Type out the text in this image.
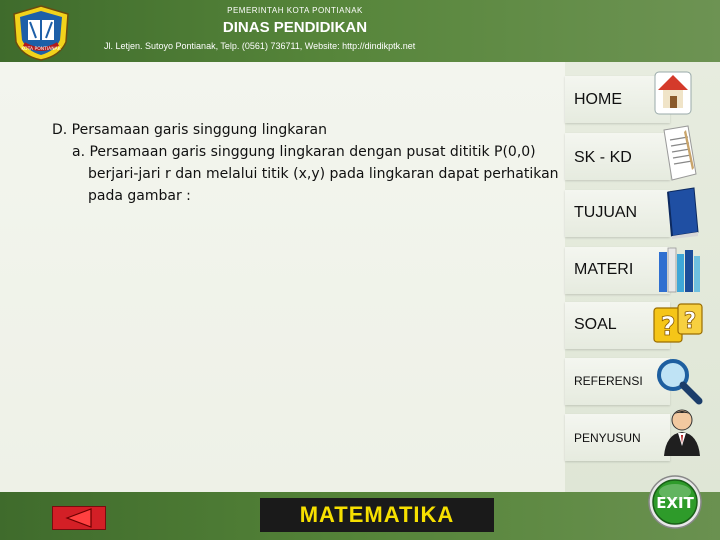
KOTA PONTIANAK
PEMERINTAH KOTA PONTIANAK
DINAS PENDIDIKAN
Jl. Letjen. Sutoyo Pontianak, Telp. (0561) 736711, Website: http://dindikptk.net
D. Persamaan garis singgung lingkaran
a. Persamaan garis singgung lingkaran dengan pusat dititik P(0,0)
berjari-jari r dan melalui titik (x,y) pada lingkaran dapat perhatikan
pada gambar :
HOME
SK - KD
TUJUAN
MATERI
SOAL ? ?
REFERENSI
PENYUSUN
MATEMATIKA	EXIT
